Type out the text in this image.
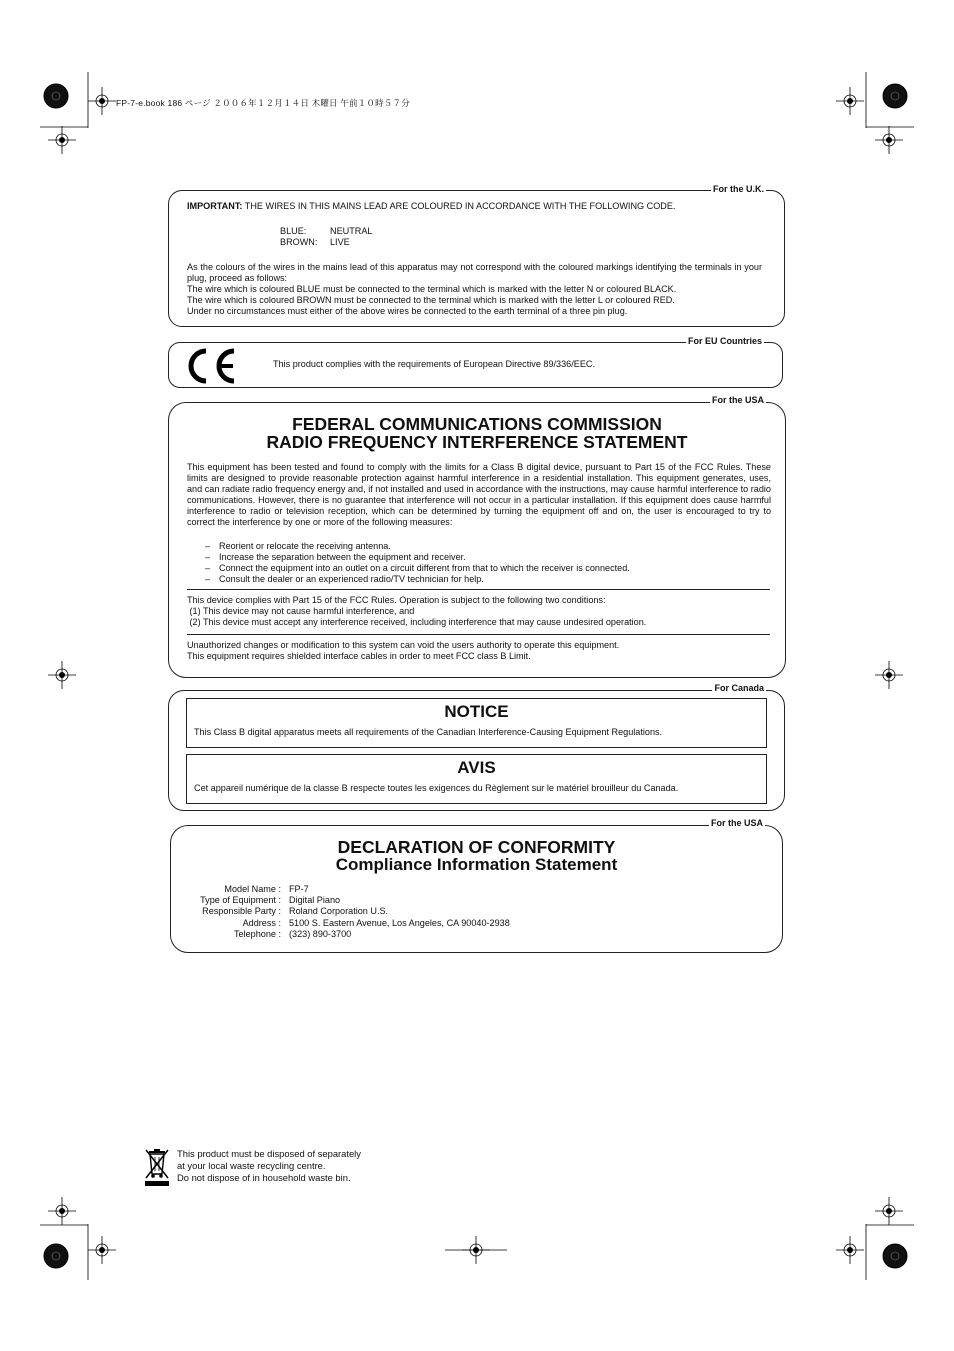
FP-7-e.book 186 ページ ２００６年１２月１４日 木曜日 午前１０時５７分
For the U.K.
IMPORTANT: THE WIRES IN THIS MAINS LEAD ARE COLOURED IN ACCORDANCE WITH THE FOLLOWING CODE.
BLUE:	NEUTRAL
BROWN:	LIVE
As the colours of the wires in the mains lead of this apparatus may not correspond with the coloured markings identifying the terminals in your plug, proceed as follows:
The wire which is coloured BLUE must be connected to the terminal which is marked with the letter N or coloured BLACK.
The wire which is coloured BROWN must be connected to the terminal which is marked with the letter L or coloured RED.
Under no circumstances must either of the above wires be connected to the earth terminal of a three pin plug.
For EU Countries
This product complies with the requirements of European Directive 89/336/EEC.
For the USA
FEDERAL COMMUNICATIONS COMMISSION
RADIO FREQUENCY INTERFERENCE STATEMENT
This equipment has been tested and found to comply with the limits for a Class B digital device, pursuant to Part 15 of the FCC Rules. These limits are designed to provide reasonable protection against harmful interference in a residential installation. This equipment generates, uses, and can radiate radio frequency energy and, if not installed and used in accordance with the instructions, may cause harmful interference to radio communications. However, there is no guarantee that interference will not occur in a particular installation. If this equipment does cause harmful interference to radio or television reception, which can be determined by turning the equipment off and on, the user is encouraged to try to correct the interference by one or more of the following measures:
– Reorient or relocate the receiving antenna.
– Increase the separation between the equipment and receiver.
– Connect the equipment into an outlet on a circuit different from that to which the receiver is connected.
– Consult the dealer or an experienced radio/TV technician for help.
This device complies with Part 15 of the FCC Rules. Operation is subject to the following two conditions:
(1) This device may not cause harmful interference, and
(2) This device must accept any interference received, including interference that may cause undesired operation.
Unauthorized changes or modification to this system can void the users authority to operate this equipment.
This equipment requires shielded interface cables in order to meet FCC class B Limit.
For Canada
NOTICE
This Class B digital apparatus meets all requirements of the Canadian Interference-Causing Equipment Regulations.
AVIS
Cet appareil numérique de la classe B respecte toutes les exigences du Règlement sur le matériel brouilleur du Canada.
For the USA
DECLARATION OF CONFORMITY
Compliance Information Statement
Model Name : FP-7
Type of Equipment : Digital Piano
Responsible Party : Roland Corporation U.S.
Address : 5100 S. Eastern Avenue, Los Angeles, CA 90040-2938
Telephone : (323) 890-3700
This product must be disposed of separately
at your local waste recycling centre.
Do not dispose of in household waste bin.
